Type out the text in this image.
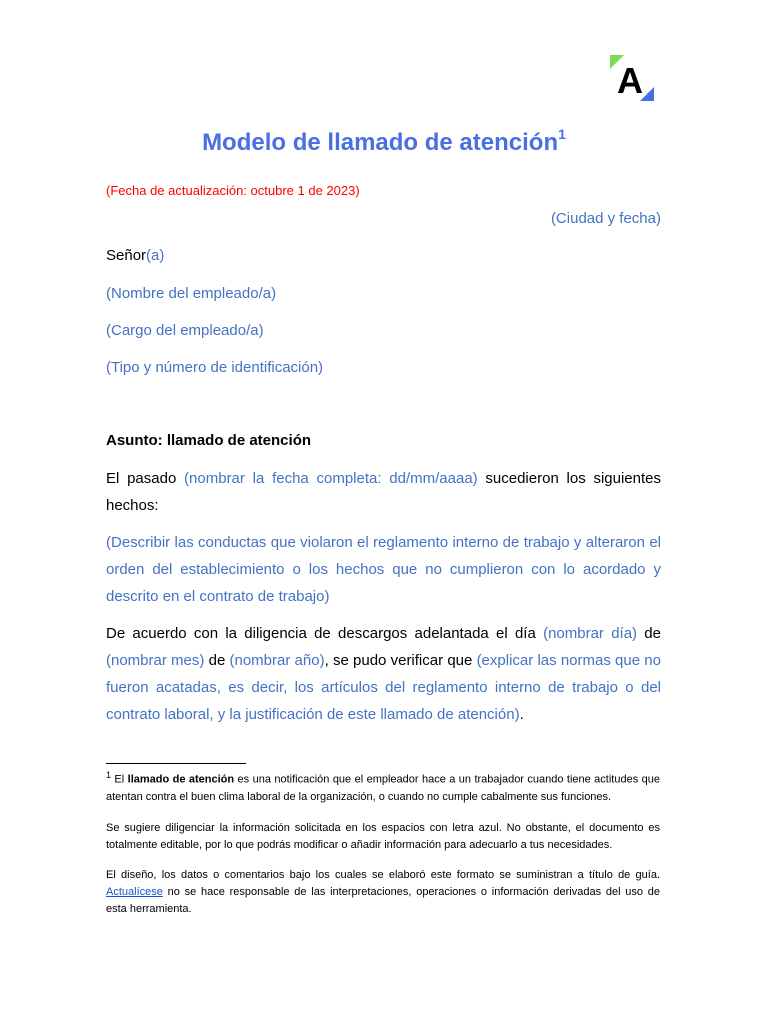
A
Modelo de llamado de atención$^1$
(Fecha de actualización: octubre 1 de 2023)
(Ciudad y fecha)
Señor(a)
(Nombre del empleado/a)
(Cargo del empleado/a)
(Tipo y número de identificación)
Asunto: llamado de atención

El pasado (nombrar la fecha completa: dd/mm/aaaa) sucedieron los siguientes hechos:

(Describir las conductas que violaron el reglamento interno de trabajo y alteraron el orden del establecimiento o los hechos que no cumplieron con lo acordado y descrito en el contrato de trabajo)

De acuerdo con la diligencia de descargos adelantada el día (nombrar día) de (nombrar mes) de (nombrar año), se pudo verificar que (explicar las normas que no fueron acatadas, es decir, los artículos del reglamento interno de trabajo o del contrato laboral, y la justificación de este llamado de atención).

$^1$ El llamado de atención es una notificación que el empleador hace a un trabajador cuando tiene actitudes que atentan contra el buen clima laboral de la organización, o cuando no cumple cabalmente sus funciones.

Se sugiere diligenciar la información solicitada en los espacios con letra azul. No obstante, el documento es totalmente editable, por lo que podrás modificar o añadir información para adecuarlo a tus necesidades.

El diseño, los datos o comentarios bajo los cuales se elaboró este formato se suministran a título de guía. Actualícese no se hace responsable de las interpretaciones, operaciones o información derivadas del uso de esta herramienta.
